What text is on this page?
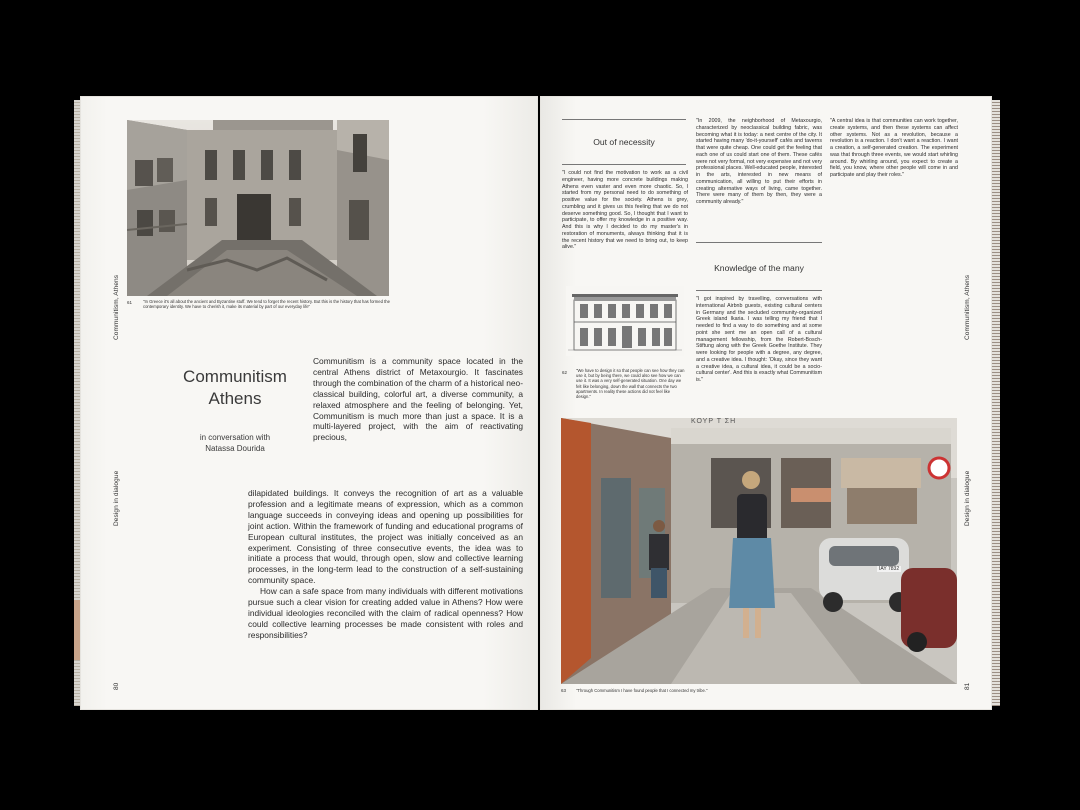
Communitism, Athens
Design in dialogue
80
61	"In Greece it's all about the ancient and Byzantine stuff. We tend to forget the recent history. But this is the history that has formed the contemporary identity. We have to cherish it, make its material by part of our everyday life"
Communitism
Athens
in conversation with
Natassa Dourida
Communitism is a community space located in the central Athens district of Metaxourgio. It fascinates through the combination of the charm of a historical neo-classical building, colorful art, a diverse community, a relaxed atmosphere and the feeling of belonging. Yet, Communitism is much more than just a space. It is a multi-layered project, with the aim of reactivating precious,
dilapidated buildings. It conveys the recognition of art as a valuable profession and a legitimate means of expression, which as a common language succeeds in conveying ideas and opening up possibilities for joint action. Within the framework of funding and educational programs of European cultural institutes, the project was initially conceived as an experiment. Consisting of three consecutive events, the idea was to initiate a process that would, through open, slow and collective learning processes, in the long-term lead to the construction of a self-sustaining community space.
How can a safe space from many individuals with different motivations pursue such a clear vision for creating added value in Athens? How were individual ideologies reconciled with the claim of radical openness? How could collective learning processes be made consistent with roles and responsibilities?
Communitism, Athens
Design in dialogue
81
Out of necessity
"I could not find the motivation to work as a civil engineer, having more concrete buildings making Athens even vaster and even more chaotic. So, I started from my personal need to do something of positive value for the society. Athens is grey, crumbling and it gives us this feeling that we do not deserve something good. So, I thought that I want to participate, to offer my knowledge in a positive way. And this is why I decided to do my master's in restoration of monuments, always thinking that it is the recent history that we need to bring out, to keep alive."
"In 2009, the neighborhood of Metaxourgio, characterized by neoclassical building fabric, was becoming what it is today: a next centre of the city. It started having many 'do-it-yourself' cafés and taverns that were quite cheap. One could get the feeling that each one of us could start one of them. These cafés were not very formal, not very expensive and not very professional places. Well-educated people, interested in the arts, interested in new means of communication, all willing to put their efforts in creating alternative ways of living, came together. There were many of them by then, they were a community already."
Knowledge of the many
"I got inspired by travelling, conversations with international Airbnb guests, existing cultural centers in Germany and the secluded community-organized Greek island Ikaria. I was telling my friend that I needed to find a way to do something and at some point she sent me an open call of a cultural management fellowship, from the Robert-Bosch-Stiftung along with the Greek Goethe Institute. They were looking for people with a degree, any degree, and a creative idea. I thought: 'Okay, since they want a creative idea, a cultural idea, it could be a socio-cultural center'. And this is exactly what Communitism is."
"A central idea is that communities can work together, create systems, and then these systems can affect other systems. Not as a revolution, because a revolution is a reaction. I don't want a reaction. I want a creation, a self-generated creation. The experiment was that through three events, we would start whirling around. By whirling around, you expect to create a field, you know, where other people will come in and participate and play their roles."
62 "We have to design it so that people can see how they can use it, but by being there, we could also see how we can use it. It was a very self-generated situation. One day we felt like belonging, down the wall that connects the two apartments. In reality these actions did not feel like design."
ΚΟΥΡ Τ ΣΗ
ΙΑΥ 7832
63 "Through Communitism I have found people that I connected my tribe."
